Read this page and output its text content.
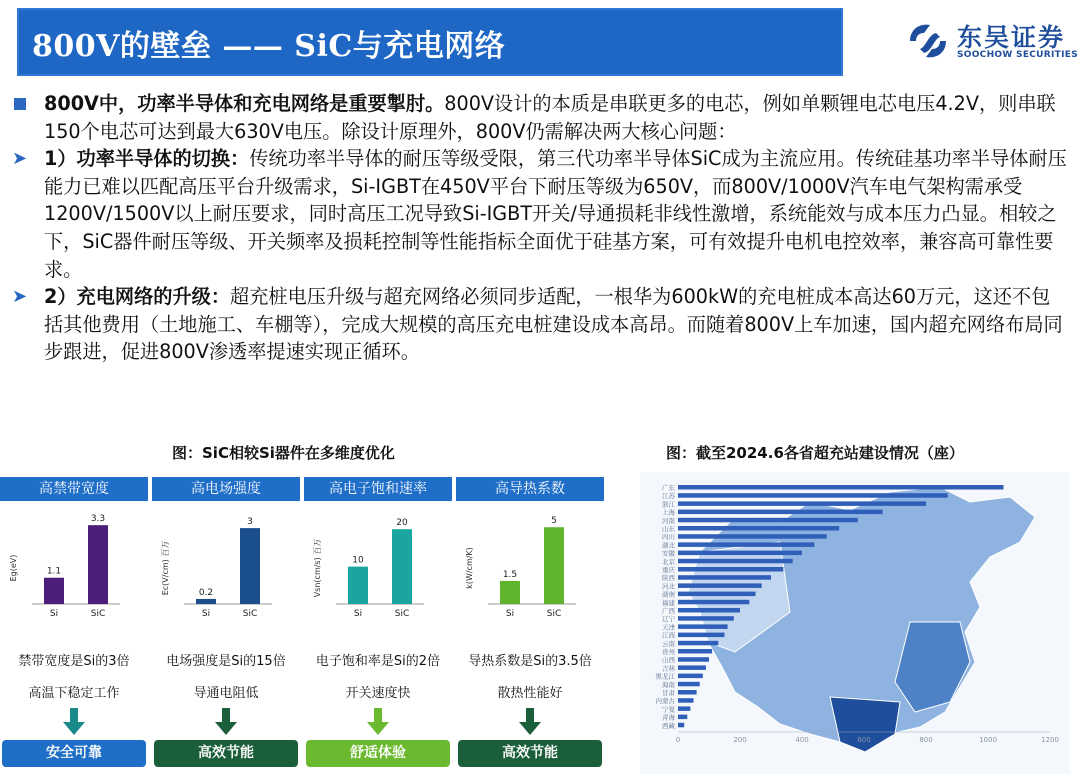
800V的壁垒 —— SiC与充电网络	东吴证券
SOOCHOW SECURITIES
800V中，功率半导体和充电网络是重要掣肘。800V设计的本质是串联更多的电芯，例如单颗锂电芯电压4.2V，则串联150个电芯可达到最大630V电压。除设计原理外，800V仍需解决两大核心问题：
➤ 1）功率半导体的切换：传统功率半导体的耐压等级受限，第三代功率半导体SiC成为主流应用。传统硅基功率半导体耐压能力已难以匹配高压平台升级需求，Si-IGBT在450V平台下耐压等级为650V，而800V/1000V汽车电气架构需承受1200V/1500V以上耐压要求，同时高压工况导致Si-IGBT开关/导通损耗非线性激增，系统能效与成本压力凸显。相较之下，SiC器件耐压等级、开关频率及损耗控制等性能指标全面优于硅基方案，可有效提升电机电控效率，兼容高可靠性要求。
➤ 2）充电网络的升级：超充桩电压升级与超充网络必须同步适配，一根华为600kW的充电桩成本高达60万元，这还不包括其他费用（土地施工、车棚等），完成大规模的高压充电桩建设成本高昂。而随着800V上车加速，国内超充网络布局同步跟进，促进800V渗透率提速实现正循环。
图：SiC相较Si器件在多维度优化	图：截至2024.6各省超充站建设情况（座）
高禁带宽度
Eg(eV)	1.1
Si
3.3
SiC
禁带宽度是Si的3倍
高温下稳定工作
安全可靠
高电场强度
Ec(V/cm) 百万	0.2
Si
3
SiC
电场强度是Si的15倍
导通电阻低
高效节能
高电子饱和速率
Vsn(cm/s) 百万	10
Si
20
SiC
电子饱和率是Si的2倍
开关速度快
舒适体验
高导热系数
k(W/cm/K)	1.5
Si
5
SiC
导热系数是Si的3.5倍
散热性能好
高效节能
广东
江苏
浙江
上海
河南
山东
四川
湖北
安徽
北京
重庆
陕西
河北
湖南
福建
广西
辽宁
天津
江西
云南
贵州
山西
吉林
黑龙江
海南
甘肃
内蒙古
宁夏
青海
西藏
0	200	400	600	800	1000	1200
